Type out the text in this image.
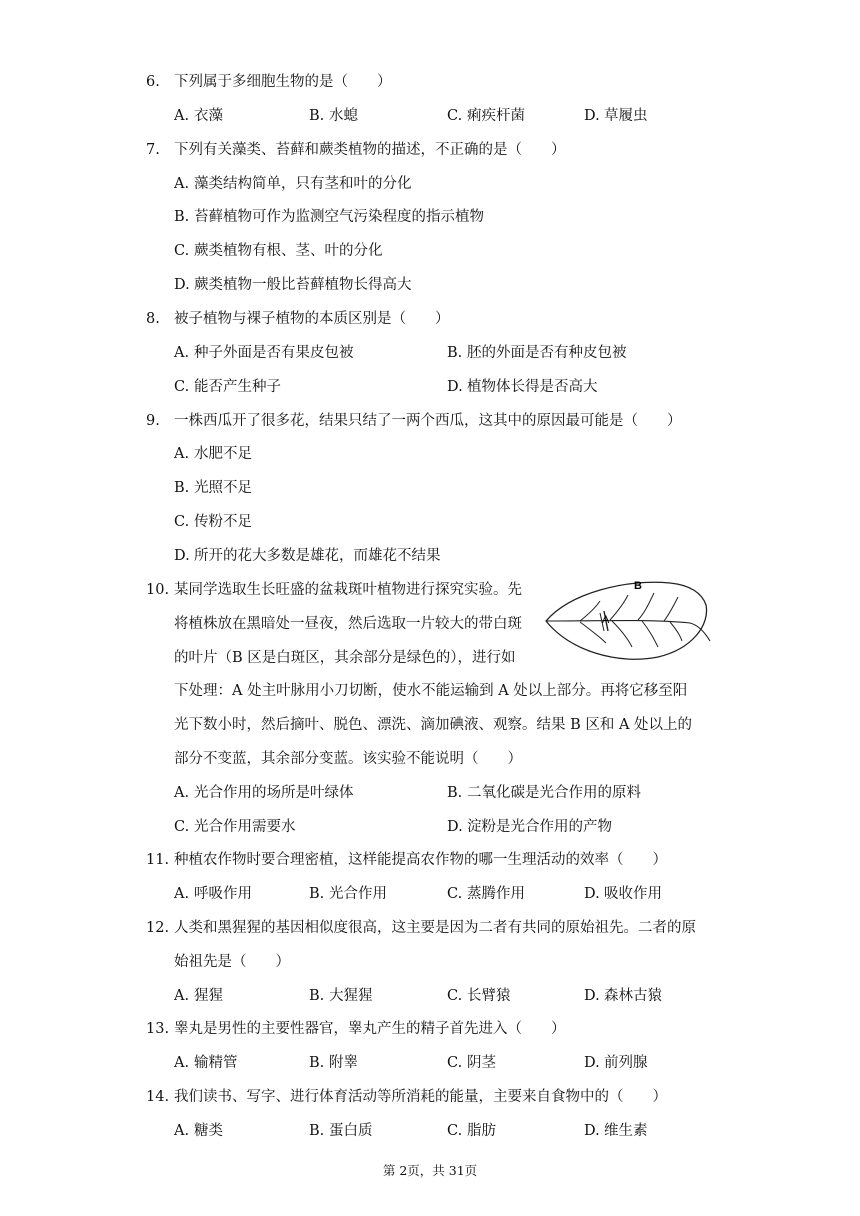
6. 下列属于多细胞生物的是（　　）
A. 衣藻	B. 水螅	C. 痢疾杆菌	D. 草履虫
7. 下列有关藻类、苔藓和蕨类植物的描述，不正确的是（　　）
A. 藻类结构简单，只有茎和叶的分化
B. 苔藓植物可作为监测空气污染程度的指示植物
C. 蕨类植物有根、茎、叶的分化
D. 蕨类植物一般比苔藓植物长得高大
8. 被子植物与裸子植物的本质区别是（　　）
A. 种子外面是否有果皮包被	B. 胚的外面是否有种皮包被
C. 能否产生种子	D. 植物体长得是否高大
9. 一株西瓜开了很多花，结果只结了一两个西瓜，这其中的原因最可能是（　　）
A. 水肥不足
B. 光照不足
C. 传粉不足
D. 所开的花大多数是雄花，而雄花不结果
10. 某同学选取生长旺盛的盆栽斑叶植物进行探究实验。先
将植株放在黑暗处一昼夜，然后选取一片较大的带白斑
的叶片（B 区是白斑区，其余部分是绿色的），进行如
下处理：A 处主叶脉用小刀切断，使水不能运输到 A 处以上部分。再将它移至阳
光下数小时，然后摘叶、脱色、漂洗、滴加碘液、观察。结果 B 区和 A 处以上的
部分不变蓝，其余部分变蓝。该实验不能说明（　　）
A
B
A. 光合作用的场所是叶绿体	B. 二氧化碳是光合作用的原料
C. 光合作用需要水	D. 淀粉是光合作用的产物
11. 种植农作物时要合理密植，这样能提高农作物的哪一生理活动的效率（　　）
A. 呼吸作用	B. 光合作用	C. 蒸腾作用	D. 吸收作用
12. 人类和黑猩猩的基因相似度很高，这主要是因为二者有共同的原始祖先。二者的原
始祖先是（　　）
A. 猩猩	B. 大猩猩	C. 长臂猿	D. 森林古猿
13. 睾丸是男性的主要性器官，睾丸产生的精子首先进入（　　）
A. 输精管	B. 附睾	C. 阴茎	D. 前列腺
14. 我们读书、写字、进行体育活动等所消耗的能量，主要来自食物中的（　　）
A. 糖类	B. 蛋白质	C. 脂肪	D. 维生素
第 2页，共 31页
